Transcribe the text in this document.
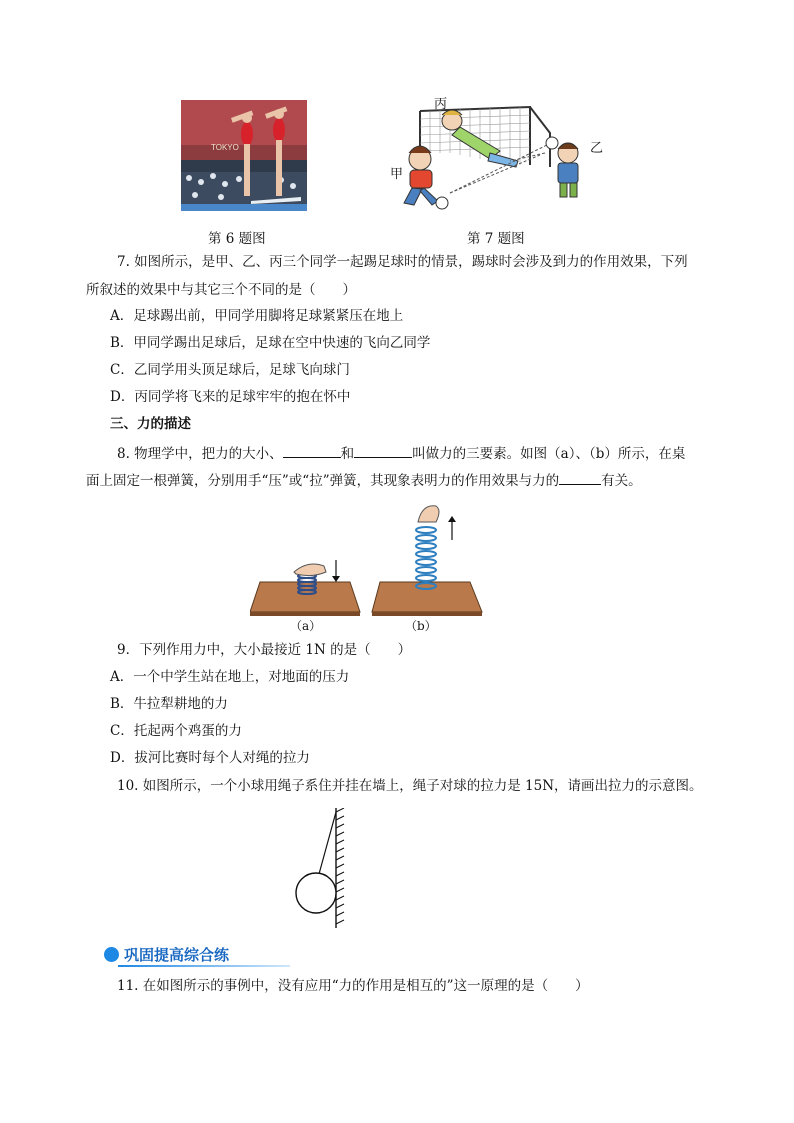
TOKYO
丙
甲
乙
第 6 题图	第 7 题图
7. 如图所示，是甲、乙、丙三个同学一起踢足球时的情景，踢球时会涉及到力的作用效果，下列
所叙述的效果中与其它三个不同的是（　　）
A．足球踢出前，甲同学用脚将足球紧紧压在地上
B．甲同学踢出足球后，足球在空中快速的飞向乙同学
C．乙同学用头顶足球后，足球飞向球门
D．丙同学将飞来的足球牢牢的抱在怀中
三、力的描述
8. 物理学中，把力的大小、	和	叫做力的三要素。如图（a）、（b）所示，在桌
面上固定一根弹簧，分别用手“压”或“拉”弹簧，其现象表明力的作用效果与力的	有关。
（a）	（b）
9．下列作用力中，大小最接近 1N 的是（　　）
A．一个中学生站在地上，对地面的压力
B．牛拉犁耕地的力
C．托起两个鸡蛋的力
D．拔河比赛时每个人对绳的拉力
10. 如图所示，一个小球用绳子系住并挂在墙上，绳子对球的拉力是 15N，请画出拉力的示意图。
巩固提高综合练
11. 在如图所示的事例中，没有应用“力的作用是相互的”这一原理的是（　　）
